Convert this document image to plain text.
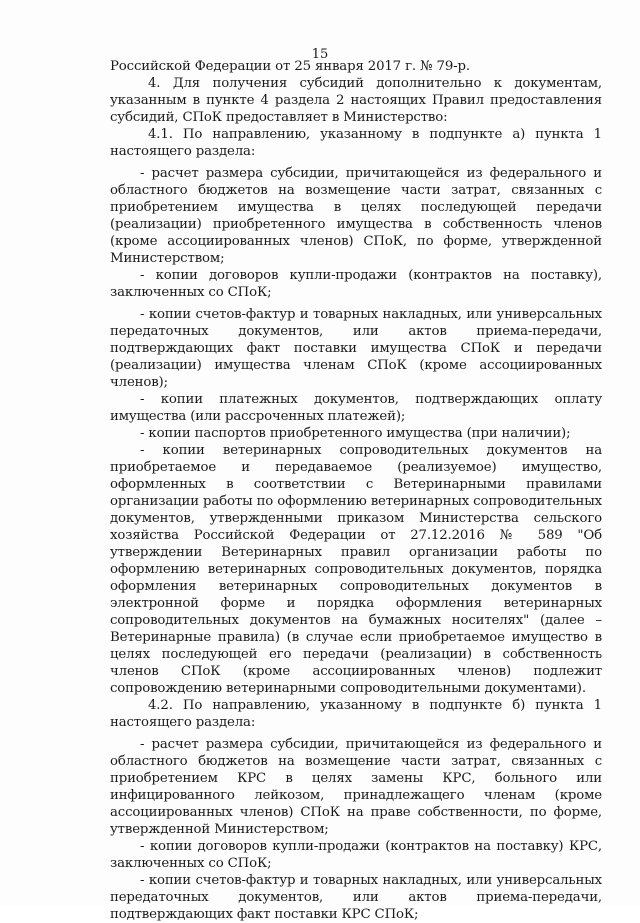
15

Российской Федерации от 25 января 2017 г. № 79-р.

4. Для получения субсидий дополнительно к документам, указанным в пункте 4 раздела 2 настоящих Правил предоставления субсидий, СПоК предоставляет в Министерство:

4.1. По направлению, указанному в подпункте а) пункта 1 настоящего раздела:

- расчет размера субсидии, причитающейся из федерального и областного бюджетов на возмещение части затрат, связанных с приобретением имущества в целях последующей передачи (реализации) приобретенного имущества в собственность членов (кроме ассоциированных членов) СПоК, по форме, утвержденной Министерством;

- копии договоров купли-продажи (контрактов на поставку), заключенных со СПоК;

- копии счетов-фактур и товарных накладных, или универсальных передаточных документов, или актов приема-передачи, подтверждающих факт поставки имущества СПоК и передачи (реализации) имущества членам СПоК (кроме ассоциированных членов);

- копии платежных документов, подтверждающих оплату имущества (или рассроченных платежей);

- копии паспортов приобретенного имущества (при наличии);

- копии ветеринарных сопроводительных документов на приобретаемое и передаваемое (реализуемое) имущество, оформленных в соответствии с Ветеринарными правилами организации работы по оформлению ветеринарных сопроводительных документов, утвержденными приказом Министерства сельского хозяйства Российской Федерации от 27.12.2016 № 589 "Об утверждении Ветеринарных правил организации работы по оформлению ветеринарных сопроводительных документов, порядка оформления ветеринарных сопроводительных документов в электронной форме и порядка оформления ветеринарных сопроводительных документов на бумажных носителях" (далее – Ветеринарные правила) (в случае если приобретаемое имущество в целях последующей его передачи (реализации) в собственность членов СПоК (кроме ассоциированных членов) подлежит сопровождению ветеринарными сопроводительными документами).

4.2. По направлению, указанному в подпункте б) пункта 1 настоящего раздела:

- расчет размера субсидии, причитающейся из федерального и областного бюджетов на возмещение части затрат, связанных с приобретением КРС в целях замены КРС, больного или инфицированного лейкозом, принадлежащего членам (кроме ассоциированных членов) СПоК на праве собственности, по форме, утвержденной Министерством;

- копии договоров купли-продажи (контрактов на поставку) КРС, заключенных со СПоК;

- копии счетов-фактур и товарных накладных, или универсальных передаточных документов, или актов приема-передачи, подтверждающих факт поставки КРС СПоК;
